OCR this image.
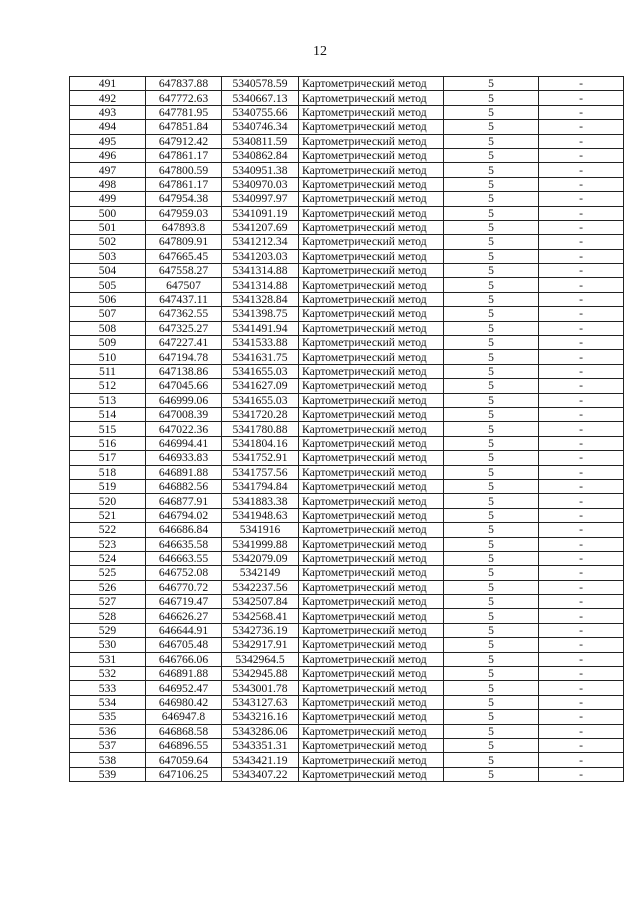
12
491	647837.88	5340578.59	Картометрический метод	5	-
492	647772.63	5340667.13	Картометрический метод	5	-
493	647781.95	5340755.66	Картометрический метод	5	-
494	647851.84	5340746.34	Картометрический метод	5	-
495	647912.42	5340811.59	Картометрический метод	5	-
496	647861.17	5340862.84	Картометрический метод	5	-
497	647800.59	5340951.38	Картометрический метод	5	-
498	647861.17	5340970.03	Картометрический метод	5	-
499	647954.38	5340997.97	Картометрический метод	5	-
500	647959.03	5341091.19	Картометрический метод	5	-
501	647893.8	5341207.69	Картометрический метод	5	-
502	647809.91	5341212.34	Картометрический метод	5	-
503	647665.45	5341203.03	Картометрический метод	5	-
504	647558.27	5341314.88	Картометрический метод	5	-
505	647507	5341314.88	Картометрический метод	5	-
506	647437.11	5341328.84	Картометрический метод	5	-
507	647362.55	5341398.75	Картометрический метод	5	-
508	647325.27	5341491.94	Картометрический метод	5	-
509	647227.41	5341533.88	Картометрический метод	5	-
510	647194.78	5341631.75	Картометрический метод	5	-
511	647138.86	5341655.03	Картометрический метод	5	-
512	647045.66	5341627.09	Картометрический метод	5	-
513	646999.06	5341655.03	Картометрический метод	5	-
514	647008.39	5341720.28	Картометрический метод	5	-
515	647022.36	5341780.88	Картометрический метод	5	-
516	646994.41	5341804.16	Картометрический метод	5	-
517	646933.83	5341752.91	Картометрический метод	5	-
518	646891.88	5341757.56	Картометрический метод	5	-
519	646882.56	5341794.84	Картометрический метод	5	-
520	646877.91	5341883.38	Картометрический метод	5	-
521	646794.02	5341948.63	Картометрический метод	5	-
522	646686.84	5341916	Картометрический метод	5	-
523	646635.58	5341999.88	Картометрический метод	5	-
524	646663.55	5342079.09	Картометрический метод	5	-
525	646752.08	5342149	Картометрический метод	5	-
526	646770.72	5342237.56	Картометрический метод	5	-
527	646719.47	5342507.84	Картометрический метод	5	-
528	646626.27	5342568.41	Картометрический метод	5	-
529	646644.91	5342736.19	Картометрический метод	5	-
530	646705.48	5342917.91	Картометрический метод	5	-
531	646766.06	5342964.5	Картометрический метод	5	-
532	646891.88	5342945.88	Картометрический метод	5	-
533	646952.47	5343001.78	Картометрический метод	5	-
534	646980.42	5343127.63	Картометрический метод	5	-
535	646947.8	5343216.16	Картометрический метод	5	-
536	646868.58	5343286.06	Картометрический метод	5	-
537	646896.55	5343351.31	Картометрический метод	5	-
538	647059.64	5343421.19	Картометрический метод	5	-
539	647106.25	5343407.22	Картометрический метод	5	-
